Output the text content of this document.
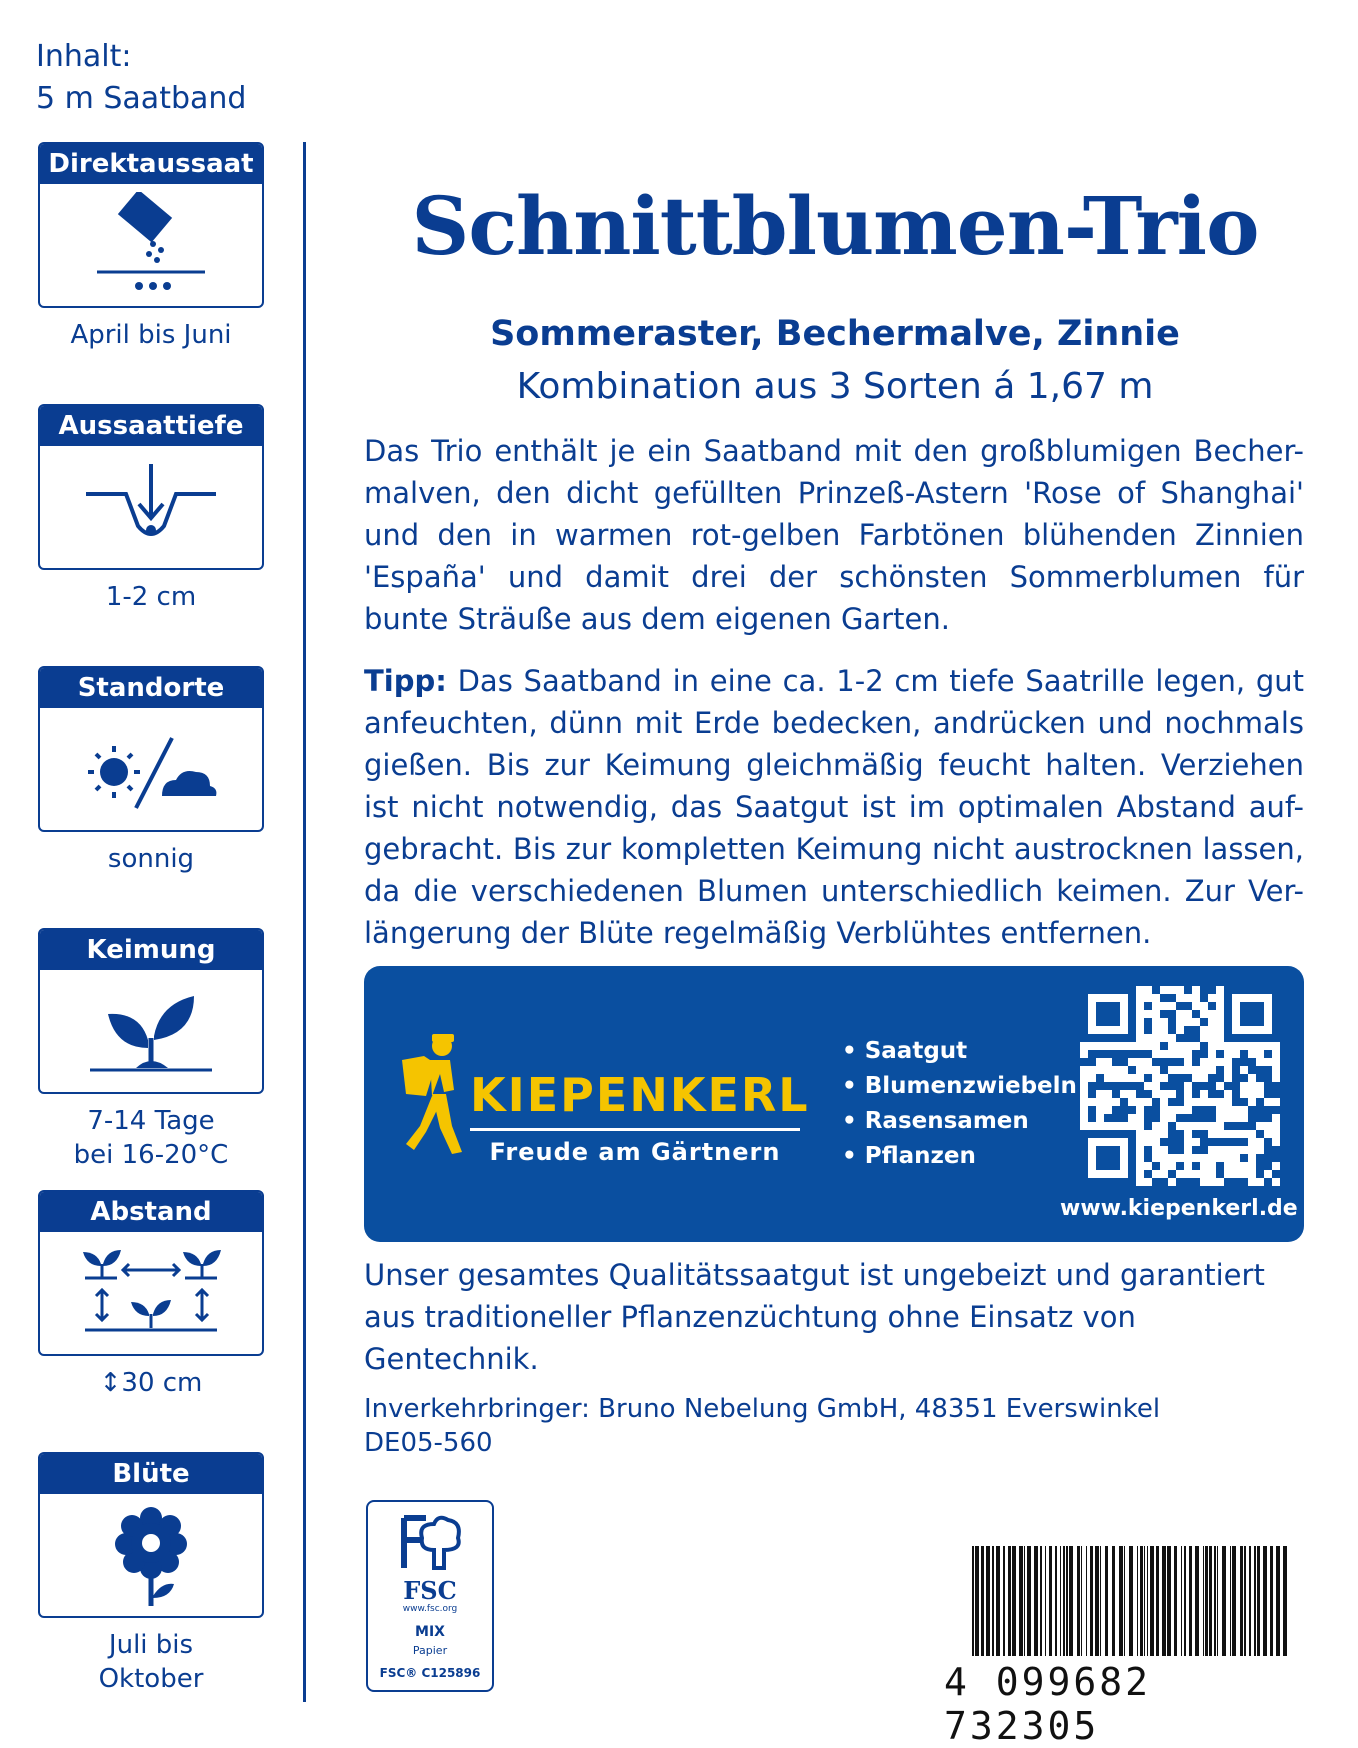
Inhalt:
5 m Saatband
Direktaussaat
April bis Juni
Aussaattiefe
1-2 cm
Standorte
sonnig
Keimung
7-14 Tage
bei 16-20°C
Abstand
↕30 cm
Blüte
Juli bis
Oktober
Schnittblumen-Trio
Sommeraster, Bechermalve, Zinnie
Kombination aus 3 Sorten á 1,67 m
Das Trio enthält je ein Saatband mit den großblumigen Becher-malven, den dicht gefüllten Prinzeß-Astern 'Rose of Shanghai' und den in warmen rot-gelben Farbtönen blühenden Zinnien 'España' und damit drei der schönsten Sommerblumen für bunte Sträuße aus dem eigenen Garten.
Tipp: Das Saatband in eine ca. 1-2 cm tiefe Saatrille legen, gut anfeuchten, dünn mit Erde bedecken, andrücken und nochmals gießen. Bis zur Keimung gleichmäßig feucht halten. Verziehen ist nicht notwendig, das Saatgut ist im optimalen Abstand auf-gebracht. Bis zur kompletten Keimung nicht austrocknen lassen, da die verschiedenen Blumen unterschiedlich keimen. Zur Ver-längerung der Blüte regelmäßig Verblühtes entfernen.
KIEPENKERL
Freude am Gärtnern
• Saatgut
• Blumenzwiebeln
• Rasensamen
• Pflanzen
www.kiepenkerl.de
Unser gesamtes Qualitätssaatgut ist ungebeizt und garantiert aus traditioneller Pflanzenzüchtung ohne Einsatz von Gentechnik.
Inverkehrbringer: Bruno Nebelung GmbH, 48351 Everswinkel
DE05-560
FSC
www.fsc.org
MIX
Papier
FSC® C125896	4 099682 732305
